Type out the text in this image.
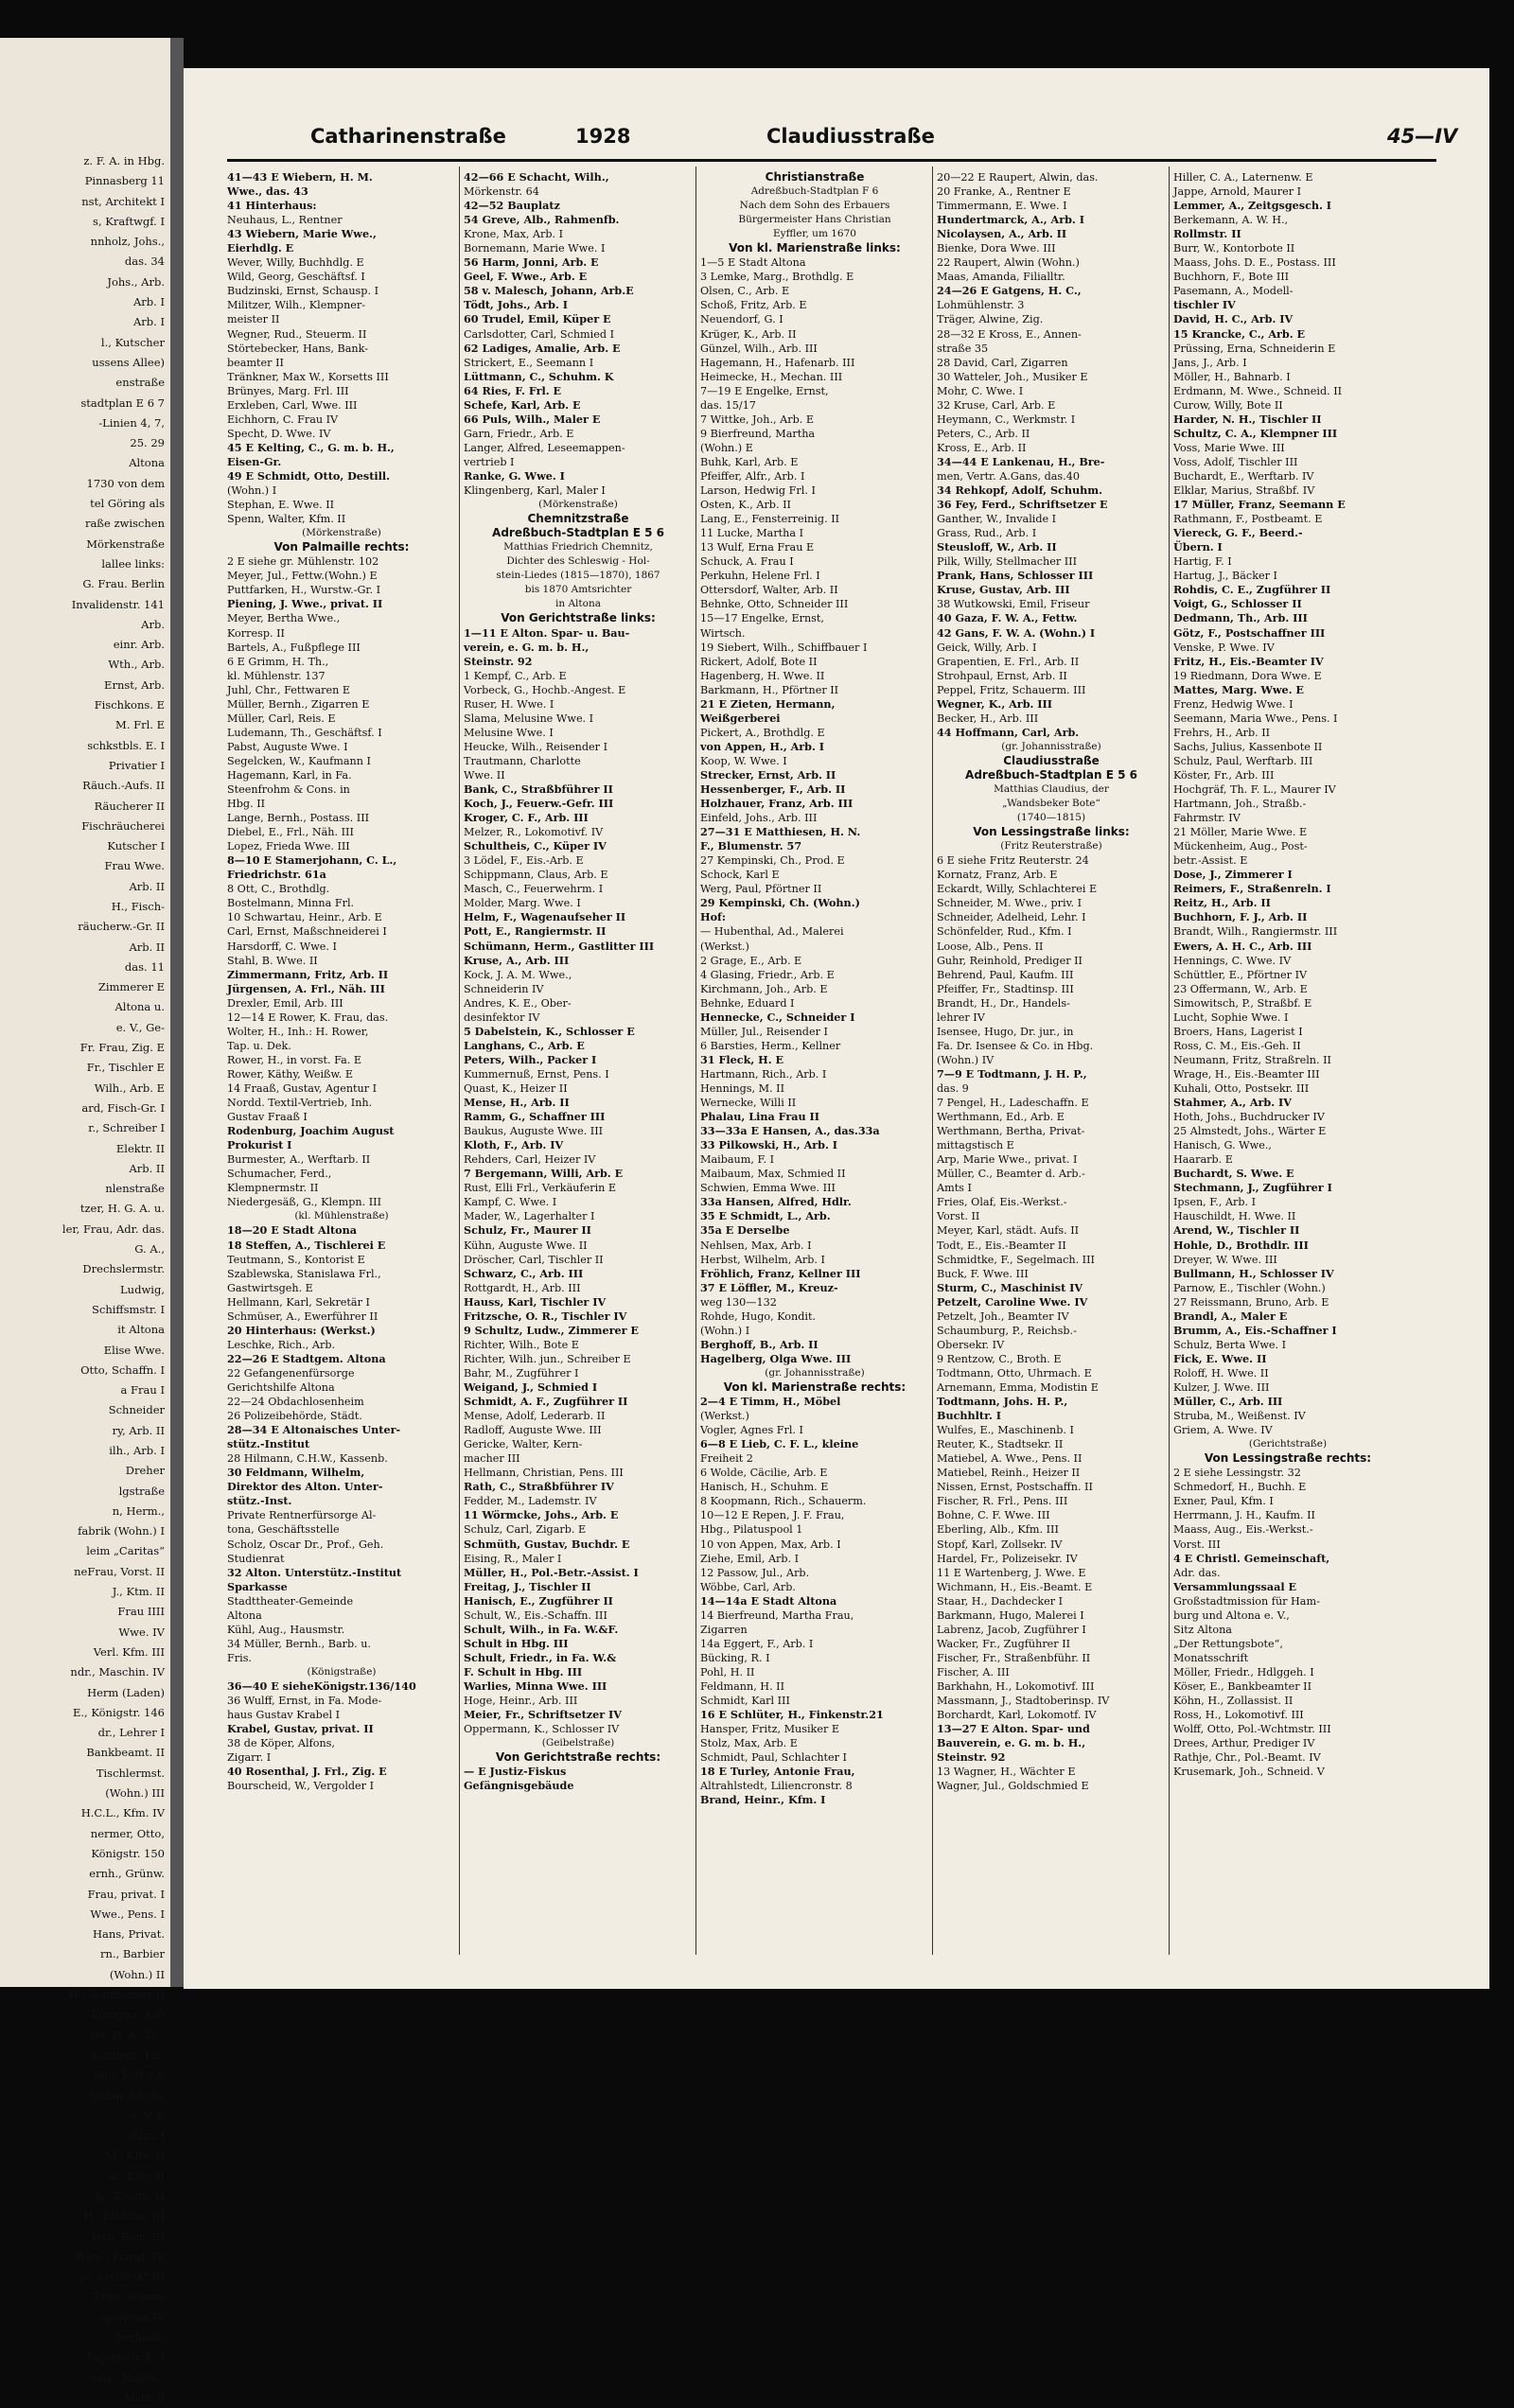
z. F. A. in Hbg.
Pinnasberg 11
nst, Architekt I
s, Kraftwgf. I
nnholz, Johs.,
das. 34
Johs., Arb.
Arb. I
Arb. I
l., Kutscher
ussens Allee)
enstraße
stadtplan E 6 7
-Linien 4, 7,
25. 29
Altona
1730 von dem
tel Göring als
raße zwischen
Mörkenstraße
lallee links:
G. Frau. Berlin
Invalidenstr. 141
Arb.
einr. Arb.
Wth., Arb.
Ernst, Arb.
Fischkons. E
M. Frl. E
schkstbls. E. I
Privatier I
Räuch.-Aufs. II
Räucherer II
Fischräucherei
Kutscher I
Frau Wwe.
Arb. II
H., Fisch-
räucherw.-Gr. II
Arb. II
das. 11
Zimmerer E
Altona u.
e. V., Ge-
Fr. Frau, Zig. E
Fr., Tischler E
Wilh., Arb. E
ard, Fisch-Gr. I
r., Schreiber I
Elektr. II
Arb. II
nlenstraße
tzer, H. G. A. u.
ler, Frau, Adr. das.
G. A.,
Drechslermstr.
Ludwig,
Schiffsmstr. I
it Altona
Elise Wwe.
Otto, Schaffn. I
a Frau I
Schneider
ry, Arb. II
ilh., Arb. I
Dreher
lgstraße
n, Herm.,
fabrik (Wohn.) I
leim „Caritas“
neFrau, Vorst. II
J., Ktm. II
Frau IIII
Wwe. IV
Verl. Kfm. III
ndr., Maschin. IV
Herm (Laden)
E., Königstr. 146
dr., Lehrer I
Bankbeamt. II
Tischlermst.
(Wohn.) III
H.C.L., Kfm. IV
nermer, Otto,
Königstr. 150
ernh., Grünw.
Frau, privat. I
Wwe., Pens. I
Hans, Privat.
rn., Barbier
(Wohn.) II
H., Schiffbauer II
Königstr. 120
ter, H. A. Th.,
Königstr. 120
ngo, Fettw E
bühne Altona
e. V. E
Kfm. I
M., Kfm. II
a., Kfm. II
h., Kaufm. II
H., Elblotse III
rich, Reis. III
Wwe., Privat. IV
m, Architekt III
Frau, Schau-
spielerin IV
herhaus:
Papier-Gr. E. I
Aug., Masch.-
Mstr. II
Catharinenstraße	1928	Claudiusstraße	45—IV
41—43 E Wiebern, H. M.
Wwe., das. 43
41 Hinterhaus:
Neuhaus, L., Rentner
43 Wiebern, Marie Wwe.,
Eierhdlg. E
Wever, Willy, Buchhdlg. E
Wild, Georg, Geschäftsf. I
Budzinski, Ernst, Schausp. I
Militzer, Wilh., Klempner-
meister II
Wegner, Rud., Steuerm. II
Störtebecker, Hans, Bank-
beamter II
Tränkner, Max W., Korsetts III
Brünyes, Marg. Frl. III
Erxleben, Carl, Wwe. III
Eichhorn, C. Frau IV
Specht, D. Wwe. IV
45 E Kelting, C., G. m. b. H.,
Eisen-Gr.
49 E Schmidt, Otto, Destill.
(Wohn.) I
Stephan, E. Wwe. II
Spenn, Walter, Kfm. II
(Mörkenstraße)
Von Palmaille rechts:
2 E siehe gr. Mühlenstr. 102
Meyer, Jul., Fettw.(Wohn.) E
Puttfarken, H., Wurstw.-Gr. I
Piening, J. Wwe., privat. II
Meyer, Bertha Wwe.,
Korresp. II
Bartels, A., Fußpflege III
6 E Grimm, H. Th.,
kl. Mühlenstr. 137
Juhl, Chr., Fettwaren E
Müller, Bernh., Zigarren E
Müller, Carl, Reis. E
Ludemann, Th., Geschäftsf. I
Pabst, Auguste Wwe. I
Segelcken, W., Kaufmann I
Hagemann, Karl, in Fa.
Steenfrohm & Cons. in
Hbg. II
Lange, Bernh., Postass. III
Diebel, E., Frl., Näh. III
Lopez, Frieda Wwe. III
8—10 E Stamerjohann, C. L.,
Friedrichstr. 61a
8 Ott, C., Brothdlg.
Bostelmann, Minna Frl.
10 Schwartau, Heinr., Arb. E
Carl, Ernst, Maßschneiderei I
Harsdorff, C. Wwe. I
Stahl, B. Wwe. II
Zimmermann, Fritz, Arb. II
Jürgensen, A. Frl., Näh. III
Drexler, Emil, Arb. III
12—14 E Rower, K. Frau, das.
Wolter, H., Inh.: H. Rower,
Tap. u. Dek.
Rower, H., in vorst. Fa. E
Rower, Käthy, Weißw. E
14 Fraaß, Gustav, Agentur I
Nordd. Textil-Vertrieb, Inh.
Gustav Fraaß I
Rodenburg, Joachim August
Prokurist I
Burmester, A., Werftarb. II
Schumacher, Ferd.,
Klempnermstr. II
Niedergesäß, G., Klempn. III
(kl. Mühlenstraße)
18—20 E Stadt Altona
18 Steffen, A., Tischlerei E
Teutmann, S., Kontorist E
Szablewska, Stanislawa Frl.,
Gastwirtsgeh. E
Hellmann, Karl, Sekretär I
Schmüser, A., Ewerführer II
20 Hinterhaus: (Werkst.)
Leschke, Rich., Arb.
22—26 E Stadtgem. Altona
22 Gefangenenfürsorge
Gerichtshilfe Altona
22—24 Obdachlosenheim
26 Polizeibehörde, Städt.
28—34 E Altonaisches Unter-
stütz.-Institut
28 Hilmann, C.H.W., Kassenb.
30 Feldmann, Wilhelm,
Direktor des Alton. Unter-
stütz.-Inst.
Private Rentnerfürsorge Al-
tona, Geschäftsstelle
Scholz, Oscar Dr., Prof., Geh.
Studienrat
32 Alton. Unterstütz.-Institut
Sparkasse
Stadttheater-Gemeinde
Altona
Kühl, Aug., Hausmstr.
34 Müller, Bernh., Barb. u.
Fris.
(Königstraße)
36—40 E sieheKönigstr.136/140
36 Wulff, Ernst, in Fa. Mode-
haus Gustav Krabel I
Krabel, Gustav, privat. II
38 de Köper, Alfons,
Zigarr. I
40 Rosenthal, J. Frl., Zig. E
Bourscheid, W., Vergolder I
42—66 E Schacht, Wilh.,
Mörkenstr. 64
42—52 Bauplatz
54 Greve, Alb., Rahmenfb.
Krone, Max, Arb. I
Bornemann, Marie Wwe. I
56 Harm, Jonni, Arb. E
Geel, F. Wwe., Arb. E
58 v. Malesch, Johann, Arb.E
Tödt, Johs., Arb. I
60 Trudel, Emil, Küper E
Carlsdotter, Carl, Schmied I
62 Ladiges, Amalie, Arb. E
Strickert, E., Seemann I
Lüttmann, C., Schuhm. K
64 Ries, F. Frl. E
Schefe, Karl, Arb. E
66 Puls, Wilh., Maler E
Garn, Friedr., Arb. E
Langer, Alfred, Leseemappen-
vertrieb I
Ranke, G. Wwe. I
Klingenberg, Karl, Maler I
(Mörkenstraße)
Chemnitzstraße
Adreßbuch-Stadtplan E 5 6
Matthias Friedrich Chemnitz,
Dichter des Schleswig - Hol-
stein-Liedes (1815—1870), 1867
bis 1870 Amtsrichter
in Altona
Von Gerichtstraße links:
1—11 E Alton. Spar- u. Bau-
verein, e. G. m. b. H.,
Steinstr. 92
1 Kempf, C., Arb. E
Vorbeck, G., Hochb.-Angest. E
Ruser, H. Wwe. I
Slama, Melusine Wwe. I
Melusine Wwe. I
Heucke, Wilh., Reisender I
Trautmann, Charlotte
Wwe. II
Bank, C., Straßbführer II
Koch, J., Feuerw.-Gefr. III
Kroger, C. F., Arb. III
Melzer, R., Lokomotivf. IV
Schultheis, C., Küper IV
3 Lödel, F., Eis.-Arb. E
Schippmann, Claus, Arb. E
Masch, C., Feuerwehrm. I
Molder, Marg. Wwe. I
Helm, F., Wagenaufseher II
Pott, E., Rangiermstr. II
Schümann, Herm., Gastlitter III
Kruse, A., Arb. III
Kock, J. A. M. Wwe.,
Schneiderin IV
Andres, K. E., Ober-
desinfektor IV
5 Dabelstein, K., Schlosser E
Langhans, C., Arb. E
Peters, Wilh., Packer I
Kummernuß, Ernst, Pens. I
Quast, K., Heizer II
Mense, H., Arb. II
Ramm, G., Schaffner III
Baukus, Auguste Wwe. III
Kloth, F., Arb. IV
Rehders, Carl, Heizer IV
7 Bergemann, Willi, Arb. E
Rust, Elli Frl., Verkäuferin E
Kampf, C. Wwe. I
Mader, W., Lagerhalter I
Schulz, Fr., Maurer II
Kühn, Auguste Wwe. II
Dröscher, Carl, Tischler II
Schwarz, C., Arb. III
Rottgardt, H., Arb. III
Hauss, Karl, Tischler IV
Fritzsche, O. R., Tischler IV
9 Schultz, Ludw., Zimmerer E
Richter, Wilh., Bote E
Richter, Wilh. jun., Schreiber E
Bahr, M., Zugführer I
Weigand, J., Schmied I
Schmidt, A. F., Zugführer II
Mense, Adolf, Lederarb. II
Radloff, Auguste Wwe. III
Gericke, Walter, Kern-
macher III
Hellmann, Christian, Pens. III
Rath, C., Straßbführer IV
Fedder, M., Lademstr. IV
11 Wörmcke, Johs., Arb. E
Schulz, Carl, Zigarb. E
Schmüth, Gustav, Buchdr. E
Eising, R., Maler I
Müller, H., Pol.-Betr.-Assist. I
Freitag, J., Tischler II
Hanisch, E., Zugführer II
Schult, W., Eis.-Schaffn. III
Schult, Wilh., in Fa. W.&F.
Schult in Hbg. III
Schult, Friedr., in Fa. W.&
F. Schult in Hbg. III
Warlies, Minna Wwe. III
Hoge, Heinr., Arb. III
Meier, Fr., Schriftsetzer IV
Oppermann, K., Schlosser IV
(Geibelstraße)
Von Gerichtstraße rechts:
— E Justiz-Fiskus
Gefängnisgebäude
Christianstraße
Adreßbuch-Stadtplan F 6
Nach dem Sohn des Erbauers
Bürgermeister Hans Christian
Eyffler, um 1670
Von kl. Marienstraße links:
1—5 E Stadt Altona
3 Lemke, Marg., Brothdlg. E
Olsen, C., Arb. E
Schoß, Fritz, Arb. E
Neuendorf, G. I
Krüger, K., Arb. II
Günzel, Wilh., Arb. III
Hagemann, H., Hafenarb. III
Heimecke, H., Mechan. III
7—19 E Engelke, Ernst,
das. 15/17
7 Wittke, Joh., Arb. E
9 Bierfreund, Martha
(Wohn.) E
Buhk, Karl, Arb. E
Pfeiffer, Alfr., Arb. I
Larson, Hedwig Frl. I
Osten, K., Arb. II
Lang, E., Fensterreinig. II
11 Lucke, Martha I
13 Wulf, Erna Frau E
Schuck, A. Frau I
Perkuhn, Helene Frl. I
Ottersdorf, Walter, Arb. II
Behnke, Otto, Schneider III
15—17 Engelke, Ernst,
Wirtsch.
19 Siebert, Wilh., Schiffbauer I
Rickert, Adolf, Bote II
Hagenberg, H. Wwe. II
Barkmann, H., Pförtner II
21 E Zieten, Hermann,
Weißgerberei
Pickert, A., Brothdlg. E
von Appen, H., Arb. I
Koop, W. Wwe. I
Strecker, Ernst, Arb. II
Hessenberger, F., Arb. II
Holzhauer, Franz, Arb. III
Einfeld, Johs., Arb. III
27—31 E Matthiesen, H. N.
F., Blumenstr. 57
27 Kempinski, Ch., Prod. E
Schock, Karl E
Werg, Paul, Pförtner II
29 Kempinski, Ch. (Wohn.)
Hof:
— Hubenthal, Ad., Malerei
(Werkst.)
2 Grage, E., Arb. E
4 Glasing, Friedr., Arb. E
Kirchmann, Joh., Arb. E
Behnke, Eduard I
Hennecke, C., Schneider I
Müller, Jul., Reisender I
6 Barsties, Herm., Kellner
31 Fleck, H. E
Hartmann, Rich., Arb. I
Hennings, M. II
Wernecke, Willi II
Phalau, Lina Frau II
33—33a E Hansen, A., das.33a
33 Pilkowski, H., Arb. I
Maibaum, F. I
Maibaum, Max, Schmied II
Schwien, Emma Wwe. III
33a Hansen, Alfred, Hdlr.
35 E Schmidt, L., Arb.
35a E Derselbe
Nehlsen, Max, Arb. I
Herbst, Wilhelm, Arb. I
Fröhlich, Franz, Kellner III
37 E Löffler, M., Kreuz-
weg 130—132
Rohde, Hugo, Kondit.
(Wohn.) I
Berghoff, B., Arb. II
Hagelberg, Olga Wwe. III
(gr. Johannisstraße)
Von kl. Marienstraße rechts:
2—4 E Timm, H., Möbel
(Werkst.)
Vogler, Agnes Frl. I
6—8 E Lieb, C. F. L., kleine
Freiheit 2
6 Wolde, Cäcilie, Arb. E
Hanisch, H., Schuhm. E
8 Koopmann, Rich., Schauerm.
10—12 E Repen, J. F. Frau,
Hbg., Pilatuspool 1
10 von Appen, Max, Arb. I
Ziehe, Emil, Arb. I
12 Passow, Jul., Arb.
Wöbbe, Carl, Arb.
14—14a E Stadt Altona
14 Bierfreund, Martha Frau,
Zigarren
14a Eggert, F., Arb. I
Bücking, R. I
Pohl, H. II
Feldmann, H. II
Schmidt, Karl III
16 E Schlüter, H., Finkenstr.21
Hansper, Fritz, Musiker E
Stolz, Max, Arb. E
Schmidt, Paul, Schlachter I
18 E Turley, Antonie Frau,
Altrahlstedt, Liliencronstr. 8
Brand, Heinr., Kfm. I
20—22 E Raupert, Alwin, das.
20 Franke, A., Rentner E
Timmermann, E. Wwe. I
Hundertmarck, A., Arb. I
Nicolaysen, A., Arb. II
Bienke, Dora Wwe. III
22 Raupert, Alwin (Wohn.)
Maas, Amanda, Filialltr.
24—26 E Gatgens, H. C.,
Lohmühlenstr. 3
Träger, Alwine, Zig.
28—32 E Kross, E., Annen-
straße 35
28 David, Carl, Zigarren
30 Watteler, Joh., Musiker E
Mohr, C. Wwe. I
32 Kruse, Carl, Arb. E
Heymann, C., Werkmstr. I
Peters, C., Arb. II
Kross, E., Arb. II
34—44 E Lankenau, H., Bre-
men, Vertr. A.Gans, das.40
34 Rehkopf, Adolf, Schuhm.
36 Fey, Ferd., Schriftsetzer E
Ganther, W., Invalide I
Grass, Rud., Arb. I
Steusloff, W., Arb. II
Pilk, Willy, Stellmacher III
Prank, Hans, Schlosser III
Kruse, Gustav, Arb. III
38 Wutkowski, Emil, Friseur
40 Gaza, F. W. A., Fettw.
42 Gans, F. W. A. (Wohn.) I
Geick, Willy, Arb. I
Grapentien, E. Frl., Arb. II
Strohpaul, Ernst, Arb. II
Peppel, Fritz, Schauerm. III
Wegner, K., Arb. III
Becker, H., Arb. III
44 Hoffmann, Carl, Arb.
(gr. Johannisstraße)
Claudiusstraße
Adreßbuch-Stadtplan E 5 6
Matthias Claudius, der
„Wandsbeker Bote“
(1740—1815)
Von Lessingstraße links:
(Fritz Reuterstraße)
6 E siehe Fritz Reuterstr. 24
Kornatz, Franz, Arb. E
Eckardt, Willy, Schlachterei E
Schneider, M. Wwe., priv. I
Schneider, Adelheid, Lehr. I
Schönfelder, Rud., Kfm. I
Loose, Alb., Pens. II
Guhr, Reinhold, Prediger II
Behrend, Paul, Kaufm. III
Pfeiffer, Fr., Stadtinsp. III
Brandt, H., Dr., Handels-
lehrer IV
Isensee, Hugo, Dr. jur., in
Fa. Dr. Isensee & Co. in Hbg.
(Wohn.) IV
7—9 E Todtmann, J. H. P.,
das. 9
7 Pengel, H., Ladeschaffn. E
Werthmann, Ed., Arb. E
Werthmann, Bertha, Privat-
mittagstisch E
Arp, Marie Wwe., privat. I
Müller, C., Beamter d. Arb.-
Amts I
Fries, Olaf, Eis.-Werkst.-
Vorst. II
Meyer, Karl, städt. Aufs. II
Todt, E., Eis.-Beamter II
Schmidtke, F., Segelmach. III
Buck, F. Wwe. III
Sturm, C., Maschinist IV
Petzelt, Caroline Wwe. IV
Petzelt, Joh., Beamter IV
Schaumburg, P., Reichsb.-
Obersekr. IV
9 Rentzow, C., Broth. E
Todtmann, Otto, Uhrmach. E
Arnemann, Emma, Modistin E
Todtmann, Johs. H. P.,
Buchhltr. I
Wulfes, E., Maschinenb. I
Reuter, K., Stadtsekr. II
Matiebel, A. Wwe., Pens. II
Matiebel, Reinh., Heizer II
Nissen, Ernst, Postschaffn. II
Fischer, R. Frl., Pens. III
Bohne, C. F. Wwe. III
Eberling, Alb., Kfm. III
Stopf, Karl, Zollsekr. IV
Hardel, Fr., Polizeisekr. IV
11 E Wartenberg, J. Wwe. E
Wichmann, H., Eis.-Beamt. E
Staar, H., Dachdecker I
Barkmann, Hugo, Malerei I
Labrenz, Jacob, Zugführer I
Wacker, Fr., Zugführer II
Fischer, Fr., Straßenbführ. II
Fischer, A. III
Barkhahn, H., Lokomotivf. III
Massmann, J., Stadtoberinsp. IV
Borchardt, Karl, Lokomotf. IV
13—27 E Alton. Spar- und
Bauverein, e. G. m. b. H.,
Steinstr. 92
13 Wagner, H., Wächter E
Wagner, Jul., Goldschmied E
Hiller, C. A., Laternenw. E
Jappe, Arnold, Maurer I
Lemmer, A., Zeitgsgesch. I
Berkemann, A. W. H.,
Rollmstr. II
Burr, W., Kontorbote II
Maass, Johs. D. E., Postass. III
Buchhorn, F., Bote III
Pasemann, A., Modell-
tischler IV
David, H. C., Arb. IV
15 Krancke, C., Arb. E
Prüssing, Erna, Schneiderin E
Jans, J., Arb. I
Möller, H., Bahnarb. I
Erdmann, M. Wwe., Schneid. II
Curow, Willy, Bote II
Harder, N. H., Tischler II
Schultz, C. A., Klempner III
Voss, Marie Wwe. III
Voss, Adolf, Tischler III
Buchardt, E., Werftarb. IV
Elklar, Marius, Straßbf. IV
17 Müller, Franz, Seemann E
Rathmann, F., Postbeamt. E
Viereck, G. F., Beerd.-
Übern. I
Hartig, F. I
Hartug, J., Bäcker I
Rohdis, C. E., Zugführer II
Voigt, G., Schlosser II
Dedmann, Th., Arb. III
Götz, F., Postschaffner III
Venske, P. Wwe. IV
Fritz, H., Eis.-Beamter IV
19 Riedmann, Dora Wwe. E
Mattes, Marg. Wwe. E
Frenz, Hedwig Wwe. I
Seemann, Maria Wwe., Pens. I
Frehrs, H., Arb. II
Sachs, Julius, Kassenbote II
Schulz, Paul, Werftarb. III
Köster, Fr., Arb. III
Hochgräf, Th. F. L., Maurer IV
Hartmann, Joh., Straßb.-
Fahrmstr. IV
21 Möller, Marie Wwe. E
Mückenheim, Aug., Post-
betr.-Assist. E
Dose, J., Zimmerer I
Reimers, F., Straßenreln. I
Reitz, H., Arb. II
Buchhorn, F. J., Arb. II
Brandt, Wilh., Rangiermstr. III
Ewers, A. H. C., Arb. III
Hennings, C. Wwe. IV
Schüttler, E., Pförtner IV
23 Offermann, W., Arb. E
Simowitsch, P., Straßbf. E
Lucht, Sophie Wwe. I
Broers, Hans, Lagerist I
Ross, C. M., Eis.-Geh. II
Neumann, Fritz, Straßreln. II
Wrage, H., Eis.-Beamter III
Kuhali, Otto, Postsekr. III
Stahmer, A., Arb. IV
Hoth, Johs., Buchdrucker IV
25 Almstedt, Johs., Wärter E
Hanisch, G. Wwe.,
Haararb. E
Buchardt, S. Wwe. E
Stechmann, J., Zugführer I
Ipsen, F., Arb. I
Hauschildt, H. Wwe. II
Arend, W., Tischler II
Hohle, D., Brothdlr. III
Dreyer, W. Wwe. III
Bullmann, H., Schlosser IV
Parnow, E., Tischler (Wohn.)
27 Reissmann, Bruno, Arb. E
Brandl, A., Maler E
Brumm, A., Eis.-Schaffner I
Schulz, Berta Wwe. I
Fick, E. Wwe. II
Roloff, H. Wwe. II
Kulzer, J. Wwe. III
Müller, C., Arb. III
Struba, M., Weißenst. IV
Griem, A. Wwe. IV
(Gerichtstraße)
Von Lessingstraße rechts:
2 E siehe Lessingstr. 32
Schmedorf, H., Buchh. E
Exner, Paul, Kfm. I
Herrmann, J. H., Kaufm. II
Maass, Aug., Eis.-Werkst.-
Vorst. III
4 E Christl. Gemeinschaft,
Adr. das.
Versammlungssaal E
Großstadtmission für Ham-
burg und Altona e. V.,
Sitz Altona
„Der Rettungsbote“,
Monatsschrift
Möller, Friedr., Hdlggeh. I
Köser, E., Bankbeamter II
Köhn, H., Zollassist. II
Ross, H., Lokomotivf. III
Wolff, Otto, Pol.-Wchtmstr. III
Drees, Arthur, Prediger IV
Rathje, Chr., Pol.-Beamt. IV
Krusemark, Joh., Schneid. V
